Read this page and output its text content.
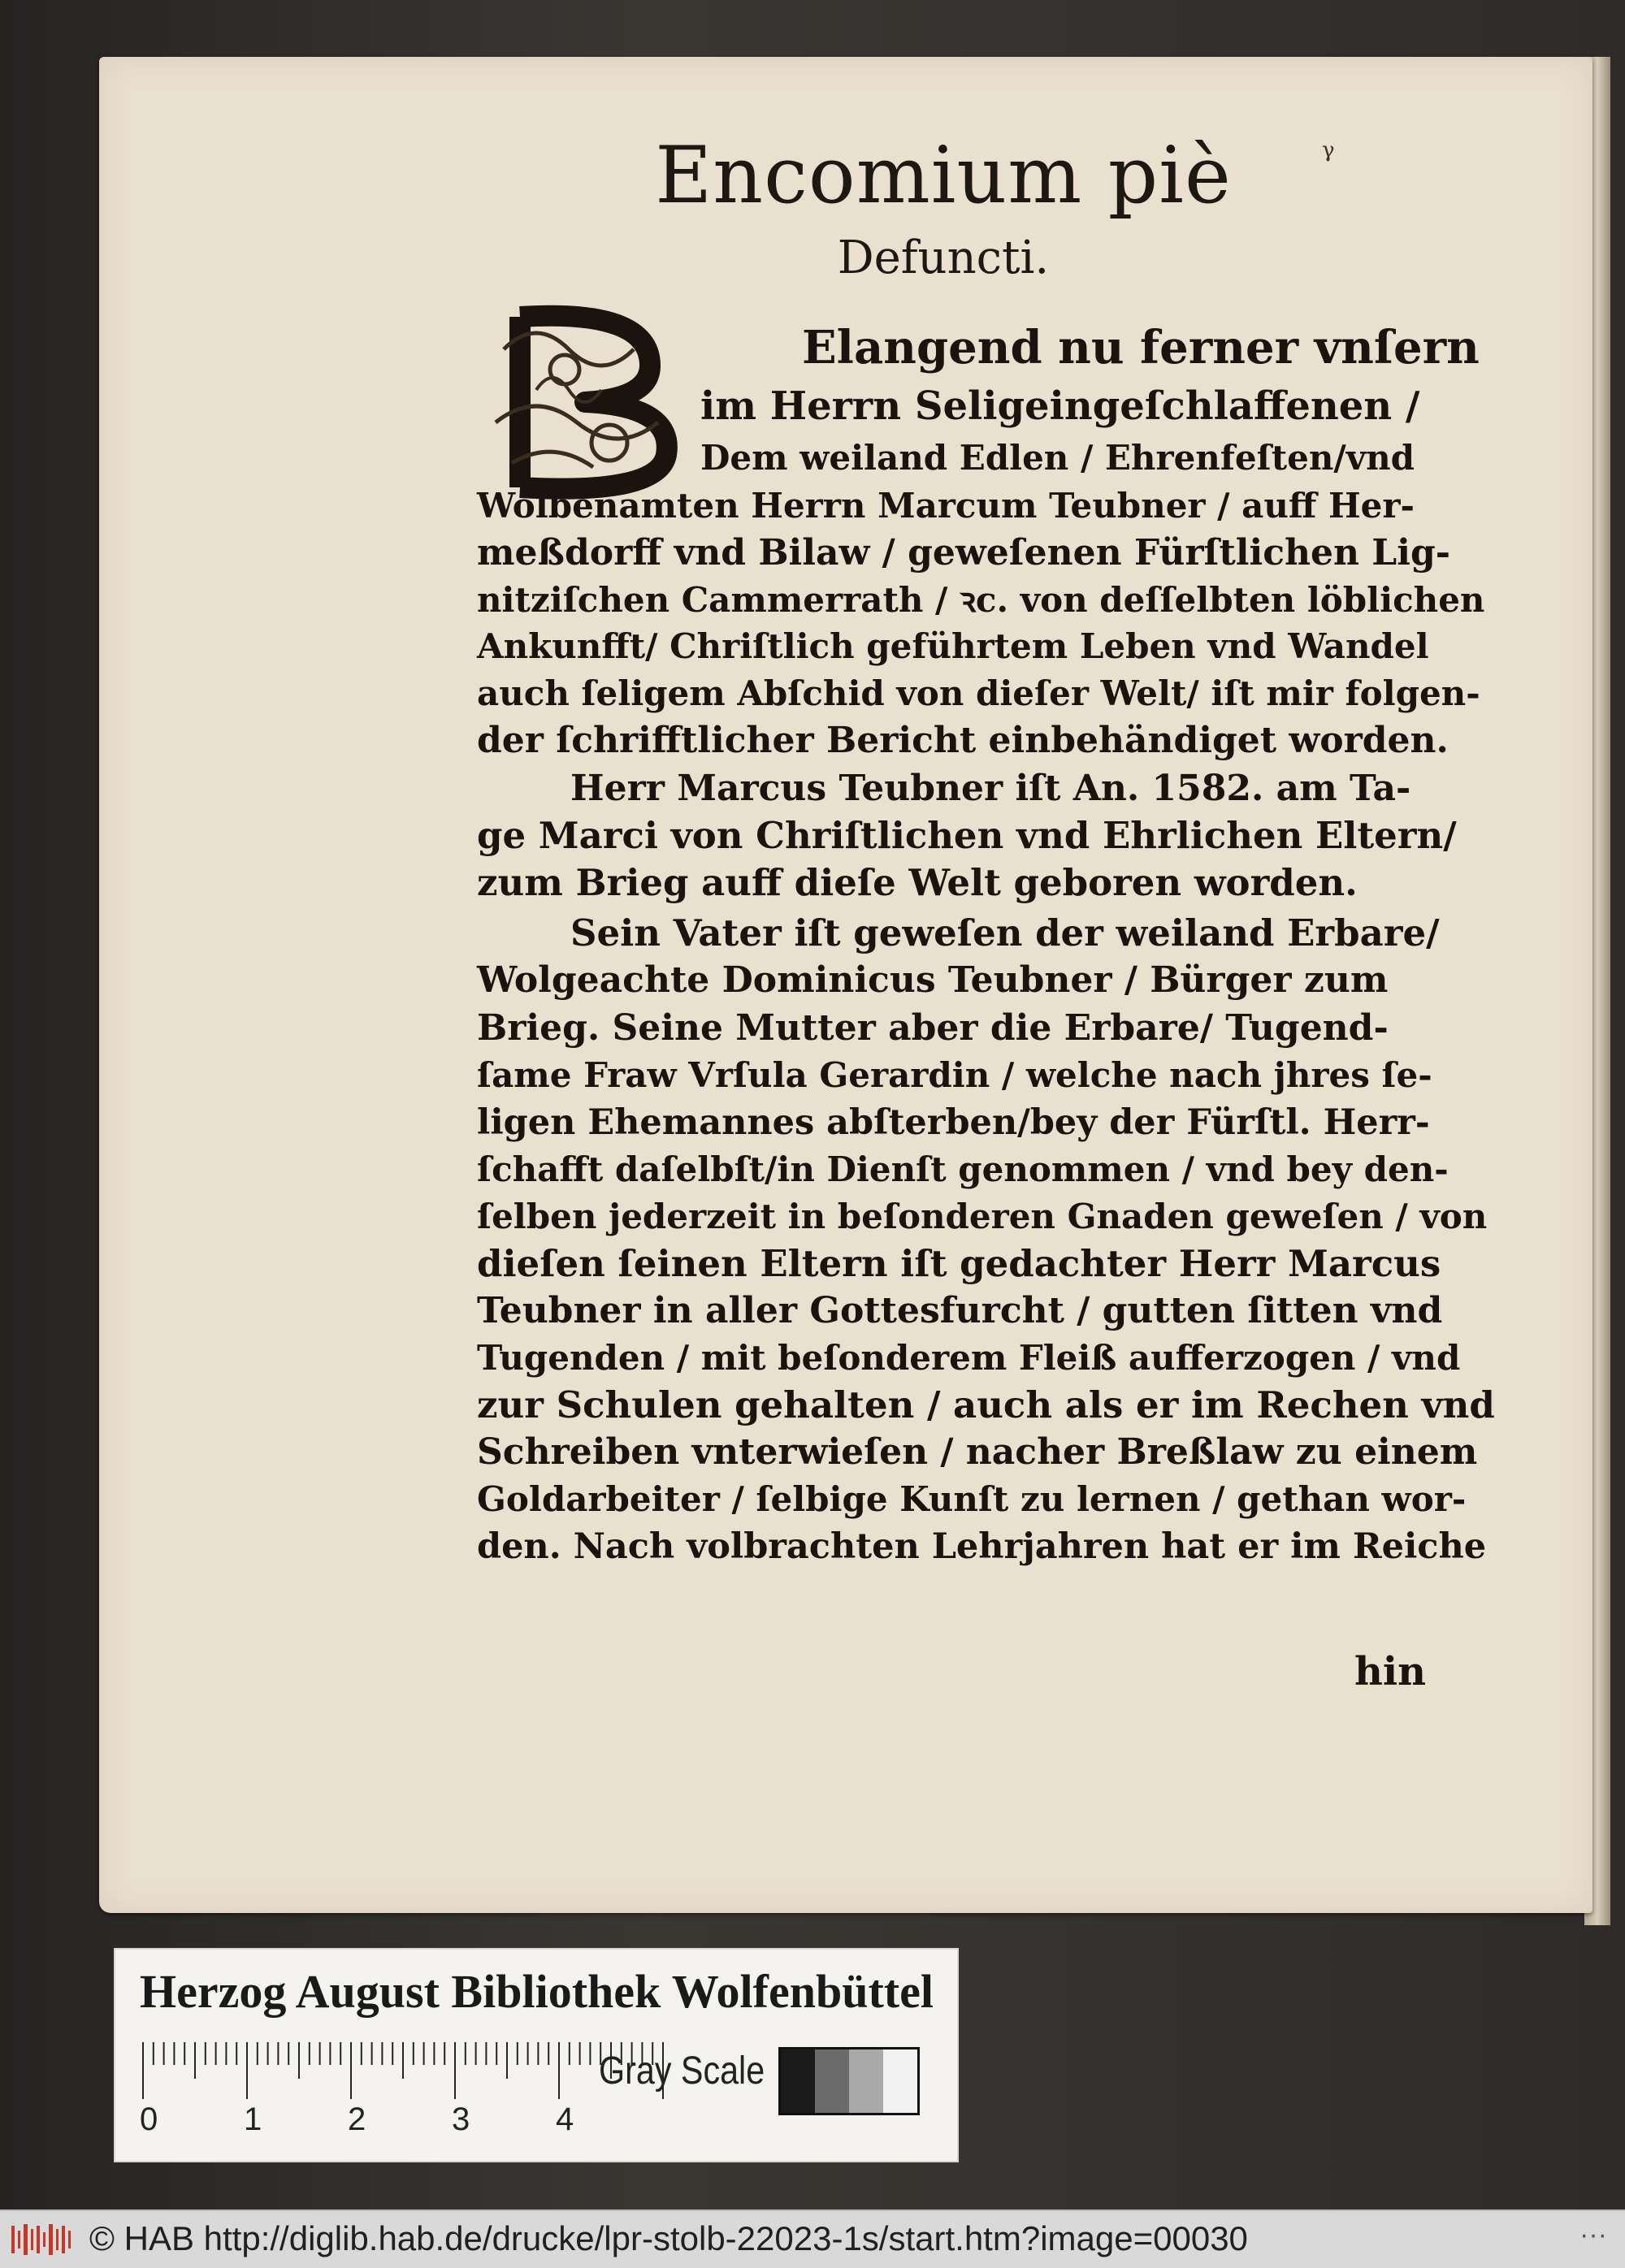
γ
Encomium piè
Defuncti.
Elangend nu ferner vnſern
im Herrn Seligeingeſchlaffenen /
Dem weiland Edlen / Ehrenfeſten/vnd
Wolbenamten Herrn Marcum Teubner / auff Her-
meßdorff vnd Bilaw / geweſenen Fürſtlichen Lig-
nitziſchen Cammerrath / ꝛc. von deſſelbten löblichen
Ankunfft/ Chriſtlich geführtem Leben vnd Wandel
auch ſeligem Abſchid von dieſer Welt/ iſt mir folgen-
der ſchrifftlicher Bericht einbehändiget worden.
Herr Marcus Teubner iſt An. 1582. am Ta-
ge Marci von Chriſtlichen vnd Ehrlichen Eltern/
zum Brieg auff dieſe Welt geboren worden.
Sein Vater iſt geweſen der weiland Erbare/
Wolgeachte Dominicus Teubner / Bürger zum
Brieg. Seine Mutter aber die Erbare/ Tugend-
ſame Fraw Vrſula Gerardin / welche nach jhres ſe-
ligen Ehemannes abſterben/bey der Fürſtl. Herr-
ſchafft daſelbſt/in Dienſt genommen / vnd bey den-
ſelben jederzeit in beſonderen Gnaden geweſen / von
dieſen ſeinen Eltern iſt gedachter Herr Marcus
Teubner in aller Gottesfurcht / gutten ſitten vnd
Tugenden / mit beſonderem Fleiß aufferzogen / vnd
zur Schulen gehalten / auch als er im Rechen vnd
Schreiben vnterwieſen / nacher Breßlaw zu einem
Goldarbeiter / ſelbige Kunſt zu lernen / gethan wor-
den. Nach volbrachten Lehrjahren hat er im Reiche
hin
Herzog August Bibliothek Wolfenbüttel
0	1	2	3	4
Gray Scale
© HAB http://diglib.hab.de/drucke/lpr-stolb-22023-1s/start.htm?image=00030	···
